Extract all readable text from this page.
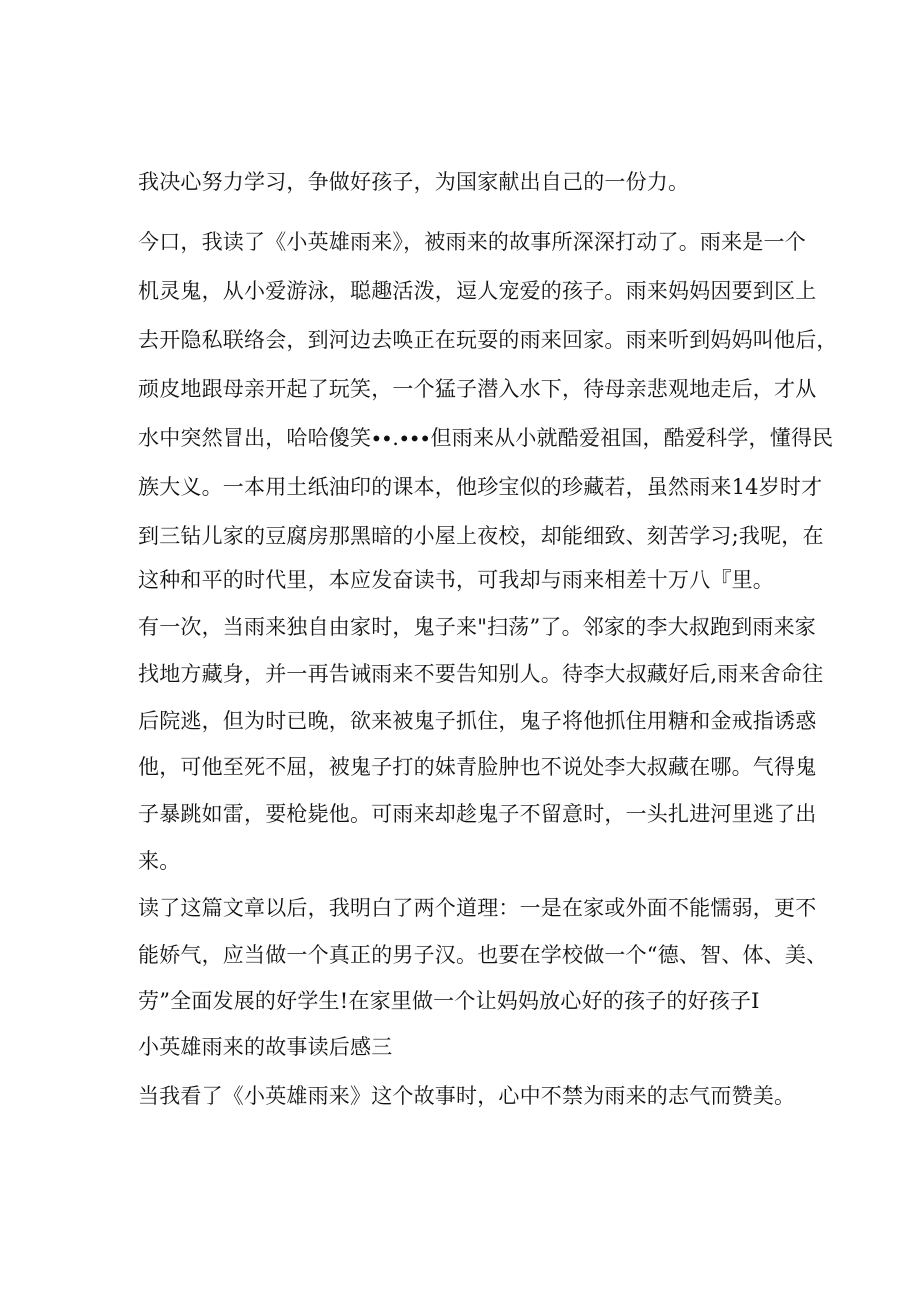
我决心努力学习，争做好孩子，为国家献出自己的一份力。
今口，我读了《小英雄雨来》，被雨来的故事所深深打动了。雨来是一个
机灵鬼，从小爱游泳，聪趣活泼，逗人宠爱的孩子。雨来妈妈因要到区上
去开隐私联络会，到河边去唤正在玩耍的雨来回家。雨来听到妈妈叫他后，
顽皮地跟母亲开起了玩笑，一个猛子潜入水下，待母亲悲观地走后，才从
水中突然冒出，哈哈傻笑∙∙.∙∙∙但雨来从小就酷爱祖国，酷爱科学，懂得民
族大义。一本用土纸油印的课本，他珍宝似的珍藏若，虽然雨来14岁时才
到三钻儿家的豆腐房那黑暗的小屋上夜校，却能细致、刻苦学习;我呢，在
这种和平的时代里，本应发奋读书，可我却与雨来相差十万八『里。
有一次，当雨来独自由家时，鬼子来"扫荡”了。邻家的李大叔跑到雨来家
找地方藏身，并一再告诫雨来不要告知别人。待李大叔藏好后,雨来舍命往
后院逃，但为时已晚，欲来被鬼子抓住，鬼子将他抓住用糖和金戒指诱惑
他，可他至死不屈，被鬼子打的妹青脸肿也不说处李大叔藏在哪。气得鬼
子暴跳如雷，要枪毙他。可雨来却趁鬼子不留意时，一头扎进河里逃了出
来。
读了这篇文章以后，我明白了两个道理：一是在家或外面不能懦弱，更不
能娇气，应当做一个真正的男子汉。也要在学校做一个“德、智、体、美、
劳”全面发展的好学生!在家里做一个让妈妈放心好的孩子的好孩子I
小英雄雨来的故事读后感三
当我看了《小英雄雨来》这个故事时，心中不禁为雨来的志气而赞美。
